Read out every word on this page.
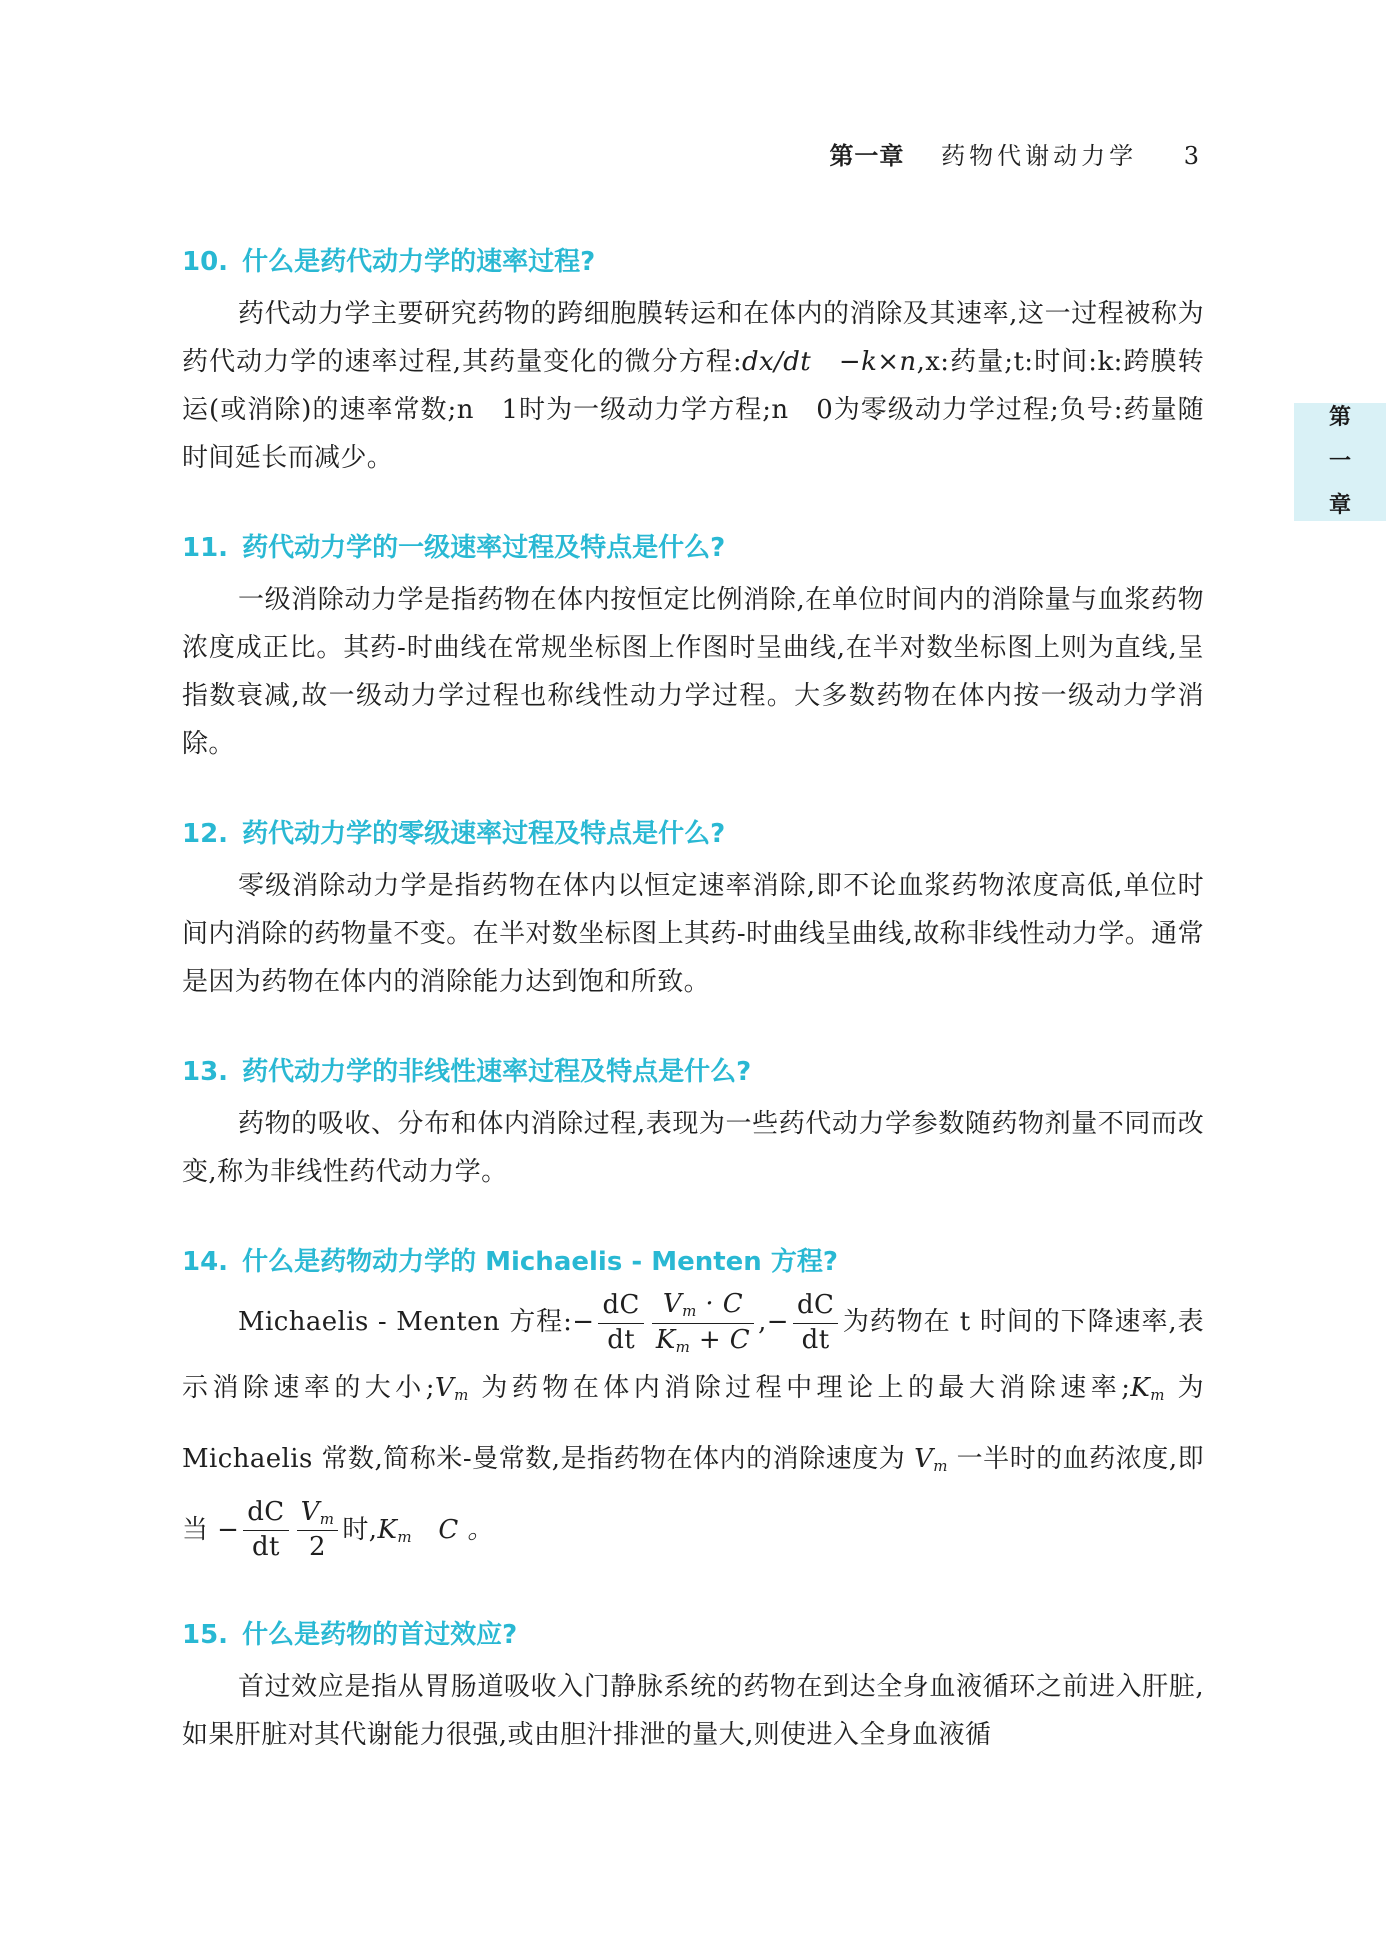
第一章 药物代谢动力学 3
第
一
章
10. 什么是药代动力学的速率过程?

药代动力学主要研究药物的跨细胞膜转运和在体内的消除及其速率,这一过程被称为药代动力学的速率过程,其药量变化的微分方程:dx/dt　−k×n,x:药量;t:时间:k:跨膜转运(或消除)的速率常数;n　1时为一级动力学方程;n　0为零级动力学过程;负号:药量随时间延长而减少。

11. 药代动力学的一级速率过程及特点是什么?

一级消除动力学是指药物在体内按恒定比例消除,在单位时间内的消除量与血浆药物浓度成正比。其药-时曲线在常规坐标图上作图时呈曲线,在半对数坐标图上则为直线,呈指数衰减,故一级动力学过程也称线性动力学过程。大多数药物在体内按一级动力学消除。

12. 药代动力学的零级速率过程及特点是什么?

零级消除动力学是指药物在体内以恒定速率消除,即不论血浆药物浓度高低,单位时间内消除的药物量不变。在半对数坐标图上其药-时曲线呈曲线,故称非线性动力学。通常是因为药物在体内的消除能力达到饱和所致。

13. 药代动力学的非线性速率过程及特点是什么?

药物的吸收、分布和体内消除过程,表现为一些药代动力学参数随药物剂量不同而改变,称为非线性药代动力学。

14. 什么是药物动力学的 Michaelis - Menten 方程?

Michaelis - Menten 方程:− $\frac{dC}{dt} \frac{V_m \cdot C}{K_m + C}$ ,− $\frac{dC}{dt}$ 为药物在 t 时间的下降速率,表示消除速率的大小$;V_m$ 为药物在体内消除过程中理论上的最大消除速率$;K_m$ 为 Michaelis 常数,简称米-曼常数,是指药物在体内的消除速度为 $V_m$ 一半时的血药浓度,即当 − $\frac{dC}{dt} \frac{V_m}{2}$ 时$,K_m$　C 。

15. 什么是药物的首过效应?

首过效应是指从胃肠道吸收入门静脉系统的药物在到达全身血液循环之前进入肝脏,如果肝脏对其代谢能力很强,或由胆汁排泄的量大,则使进入全身血液循
